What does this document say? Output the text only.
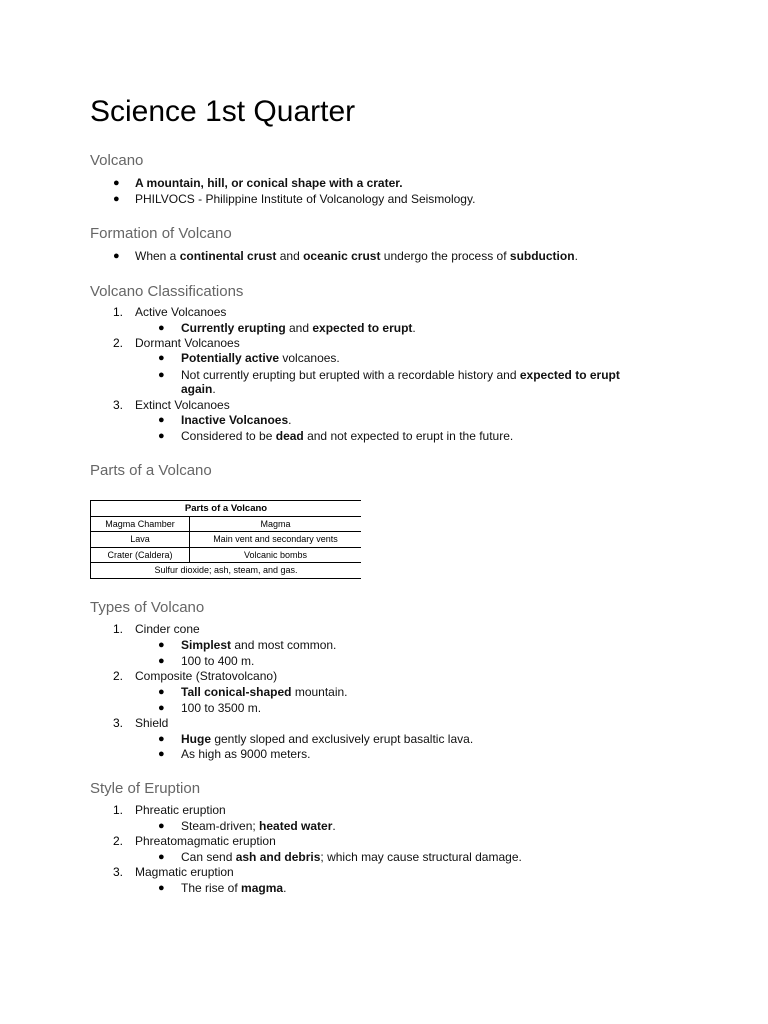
Science 1st Quarter
Volcano
● A mountain, hill, or conical shape with a crater.
● PHILVOCS - Philippine Institute of Volcanology and Seismology.
Formation of Volcano
● When a continental crust and oceanic crust undergo the process of subduction.
Volcano Classifications
1. Active Volcanoes
● Currently erupting and expected to erupt.
2. Dormant Volcanoes
● Potentially active volcanoes.
● Not currently erupting but erupted with a recordable history and expected to erupt
again.
3. Extinct Volcanoes
● Inactive Volcanoes.
● Considered to be dead and not expected to erupt in the future.
Parts of a Volcano
Parts of a Volcano	
Magma Chamber	Magma
Lava	Main vent and secondary vents
Crater (Caldera)	Volcanic bombs
Sulfur dioxide; ash, steam, and gas.	
Types of Volcano
1. Cinder cone
● Simplest and most common.
● 100 to 400 m.
2. Composite (Stratovolcano)
● Tall conical-shaped mountain.
● 100 to 3500 m.
3. Shield
● Huge gently sloped and exclusively erupt basaltic lava.
● As high as 9000 meters.
Style of Eruption
1. Phreatic eruption
● Steam-driven; heated water.
2. Phreatomagmatic eruption
● Can send ash and debris; which may cause structural damage.
3. Magmatic eruption
● The rise of magma.
